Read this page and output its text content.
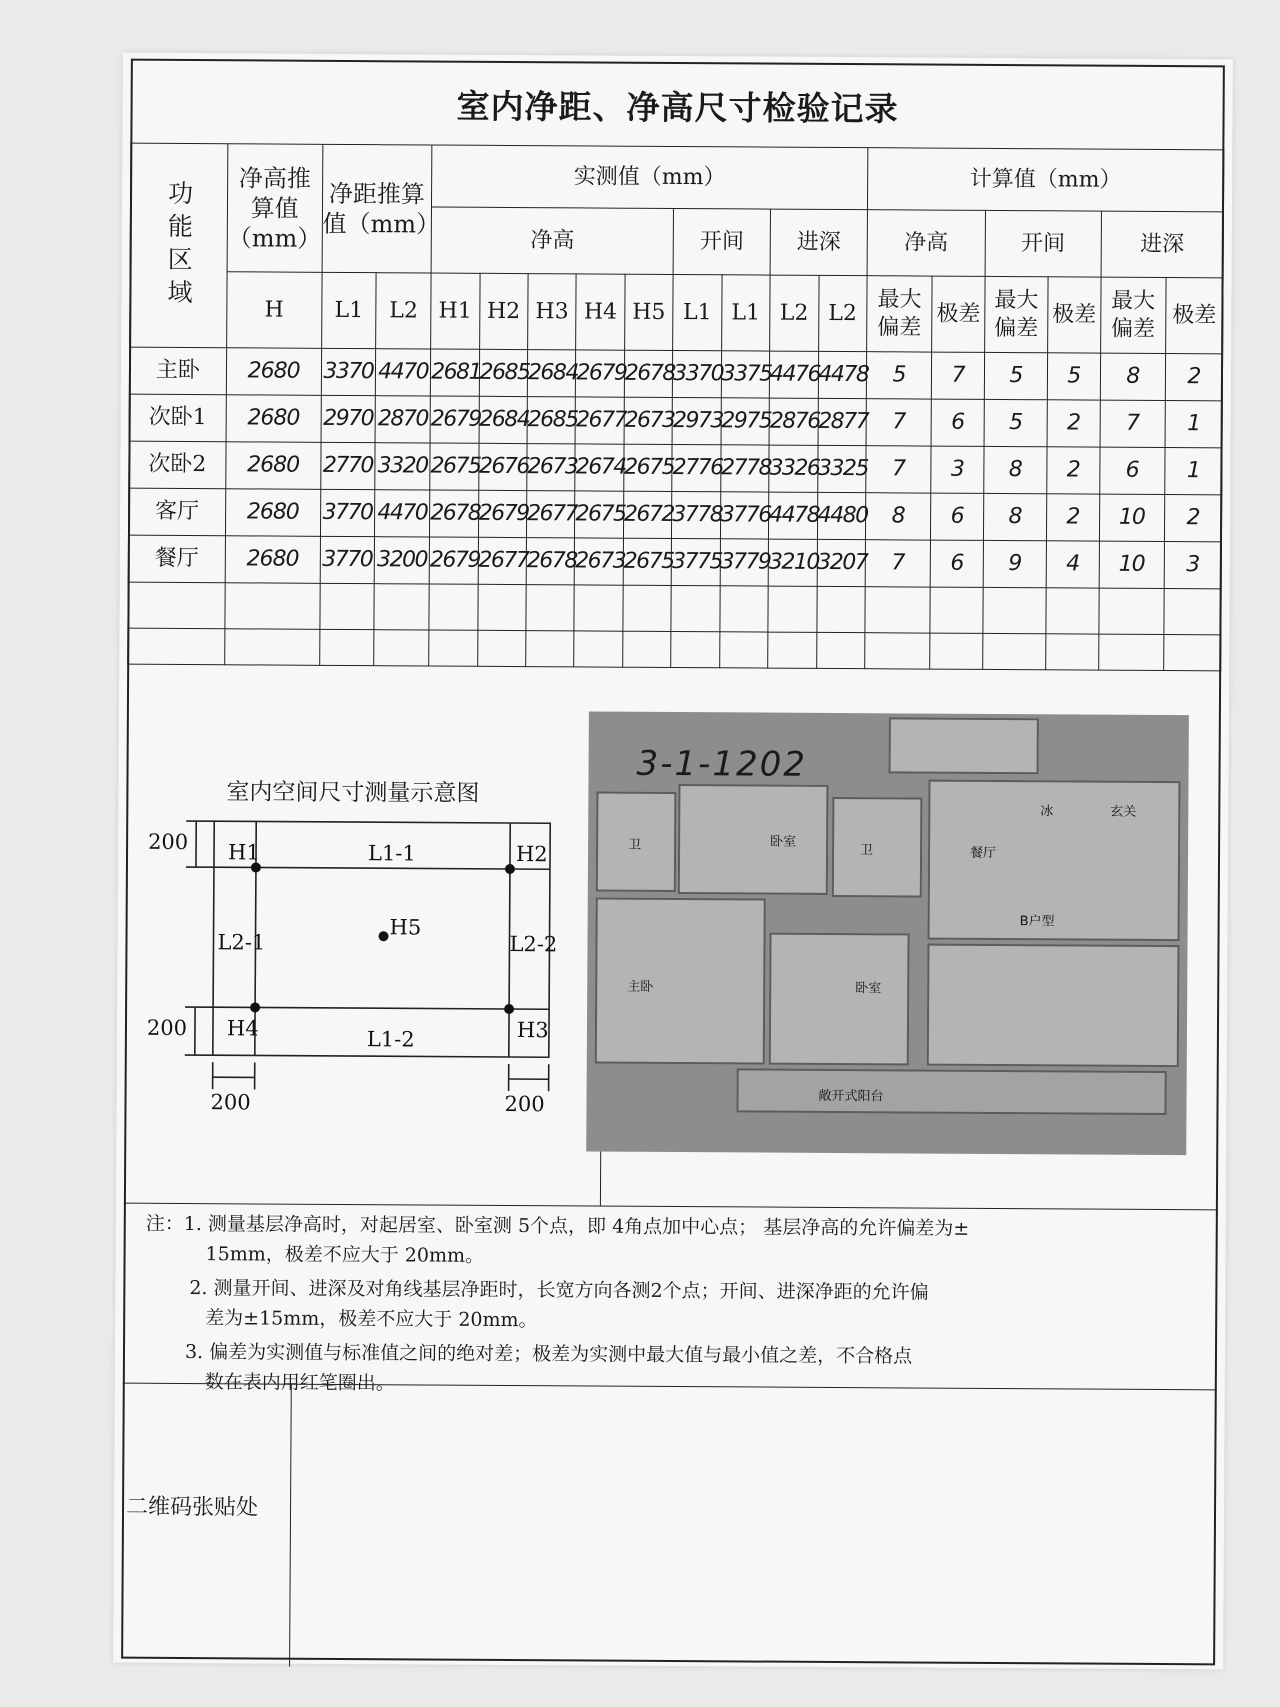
室内净距、净高尺寸检验记录
功能区域	净高推算值（mm）	净距推算值（mm）		实测值（mm）									计算值（mm）					
				净高					开间		进深		净高		开间		进深	
	H	L1	L2	H1	H2	H3	H4	H5	L1	L1	L2	L2	最大偏差	极差	最大偏差	极差	最大偏差	极差
主卧	2680	3370	4470	2681	2685	2684	2679	2678	3370	3375	4476	4478	5	7	5	5	8	2
次卧1	2680	2970	2870	2679	2684	2685	2677	2673	2973	2975	2876	2877	7	6	5	2	7	1
次卧2	2680	2770	3320	2675	2676	2673	2674	2675	2776	2778	3326	3325	7	3	8	2	6	1
客厅	2680	3770	4470	2678	2679	2677	2675	2672	3778	3776	4478	4480	8	6	8	2	10	2
餐厅	2680	3770	3200	2679	2677	2678	2673	2675	3775	3779	3210	3207	7	6	9	4	10	3

室内空间尺寸测量示意图
200
200
200	200
H1	H2
H3
H4
H5
L1-1
L1-2
L2-1	L2-2
卫	卧室
卫	餐厅
冰	玄关
B户型
主卧	卧室
敞开式阳台
3-1-1202

注：1. 测量基层净高时，对起居室、卧室测 5个点，即 4角点加中心点； 基层净高的允许偏差为±

15mm，极差不应大于 20mm。

2. 测量开间、进深及对角线基层净距时，长宽方向各测2个点；开间、进深净距的允许偏

差为±15mm，极差不应大于 20mm。

3. 偏差为实测值与标准值之间的绝对差；极差为实测中最大值与最小值之差，不合格点

数在表内用红笔圈出。

二维码张贴处
